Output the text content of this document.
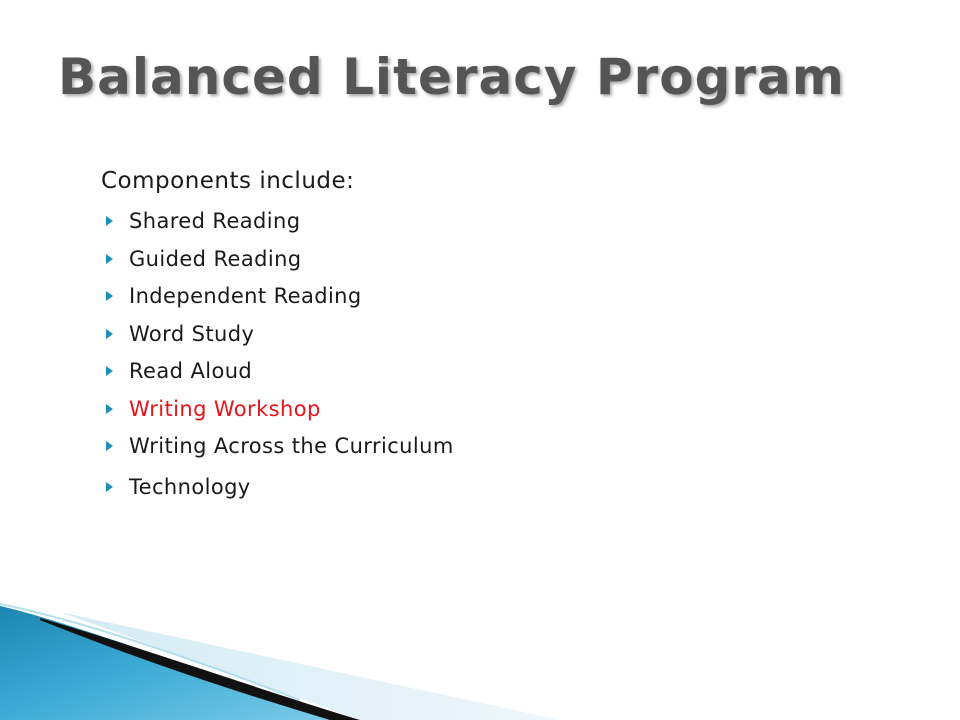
Balanced Literacy Program

Components include:

Shared Reading
Guided Reading
Independent Reading
Word Study
Read Aloud
Writing Workshop
Writing Across the Curriculum
Technology
